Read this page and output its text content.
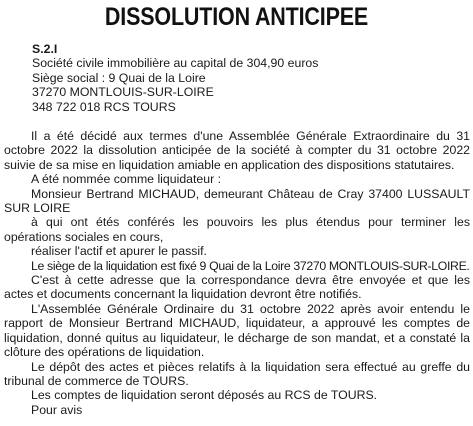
DISSOLUTION ANTICIPEE
S.2.I
Société civile immobilière au capital de 304,90 euros
Siège social : 9 Quai de la Loire
37270 MONTLOUIS-SUR-LOIRE
348 722 018 RCS TOURS

Il a été décidé aux termes d'une Assemblée Générale Extraordinaire du 31 octobre 2022 la dissolution anticipée de la société à compter du 31 octobre 2022 suivie de sa mise en liquidation amiable en application des dispositions statutaires.

A été nommée comme liquidateur :

Monsieur Bertrand MICHAUD, demeurant Château de Cray 37400 LUSSAULT SUR LOIRE

à qui ont étés conférés les pouvoirs les plus étendus pour terminer les opérations sociales en cours,

réaliser l'actif et apurer le passif.

Le siège de la liquidation est fixé 9 Quai de la Loire 37270 MONTLOUIS-SUR-LOIRE.

C'est à cette adresse que la correspondance devra être envoyée et que les actes et documents concernant la liquidation devront être notifiés.

L'Assemblée Générale Ordinaire du 31 octobre 2022 après avoir entendu le rapport de Monsieur Bertrand MICHAUD, liquidateur, a approuvé les comptes de liquidation, donné quitus au liquidateur, le décharge de son mandat, et a constaté la clôture des opérations de liquidation.

Le dépôt des actes et pièces relatifs à la liquidation sera effectué au greffe du tribunal de commerce de TOURS.

Les comptes de liquidation seront déposés au RCS de TOURS.

Pour avis
